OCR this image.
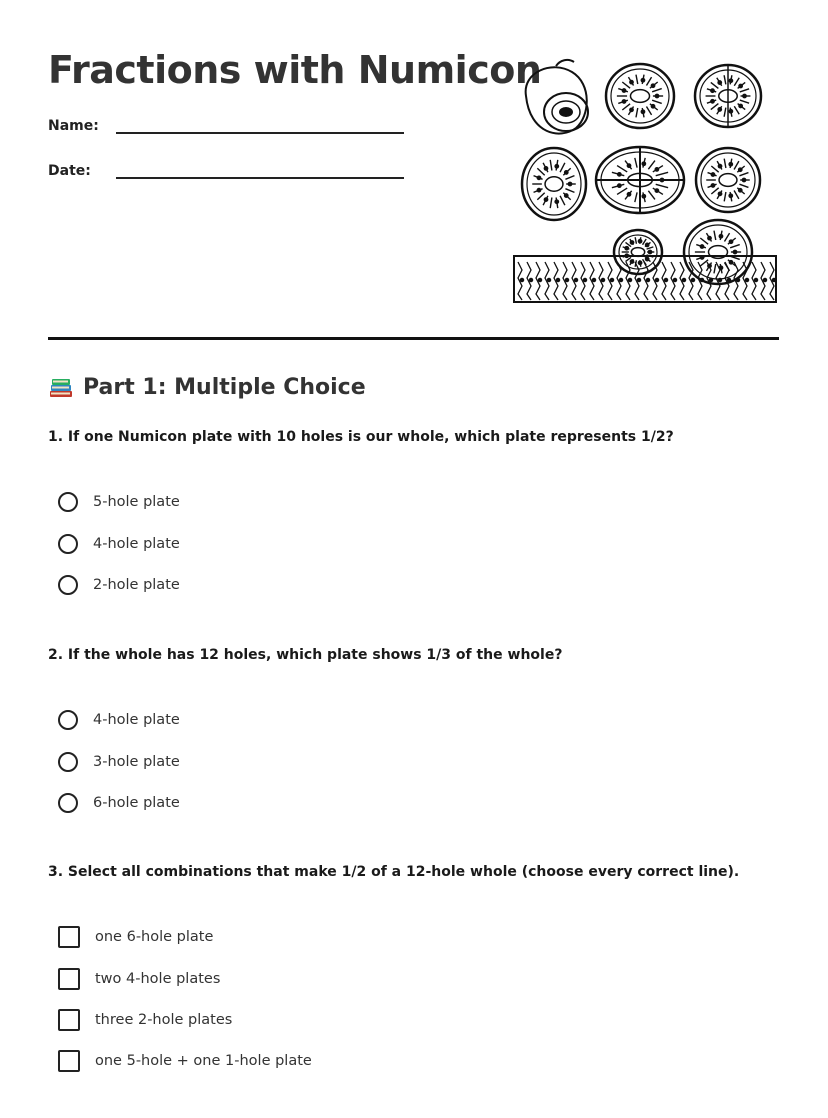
Fractions with Numicon
Name:
Date:
Part 1: Multiple Choice

1. If one Numicon plate with 10 holes is our whole, which plate represents 1/2?

5-hole plate
4-hole plate
2-hole plate

2. If the whole has 12 holes, which plate shows 1/3 of the whole?

4-hole plate
3-hole plate
6-hole plate

3. Select all combinations that make 1/2 of a 12-hole whole (choose every correct line).

one 6-hole plate
two 4-hole plates
three 2-hole plates
one 5-hole + one 1-hole plate
